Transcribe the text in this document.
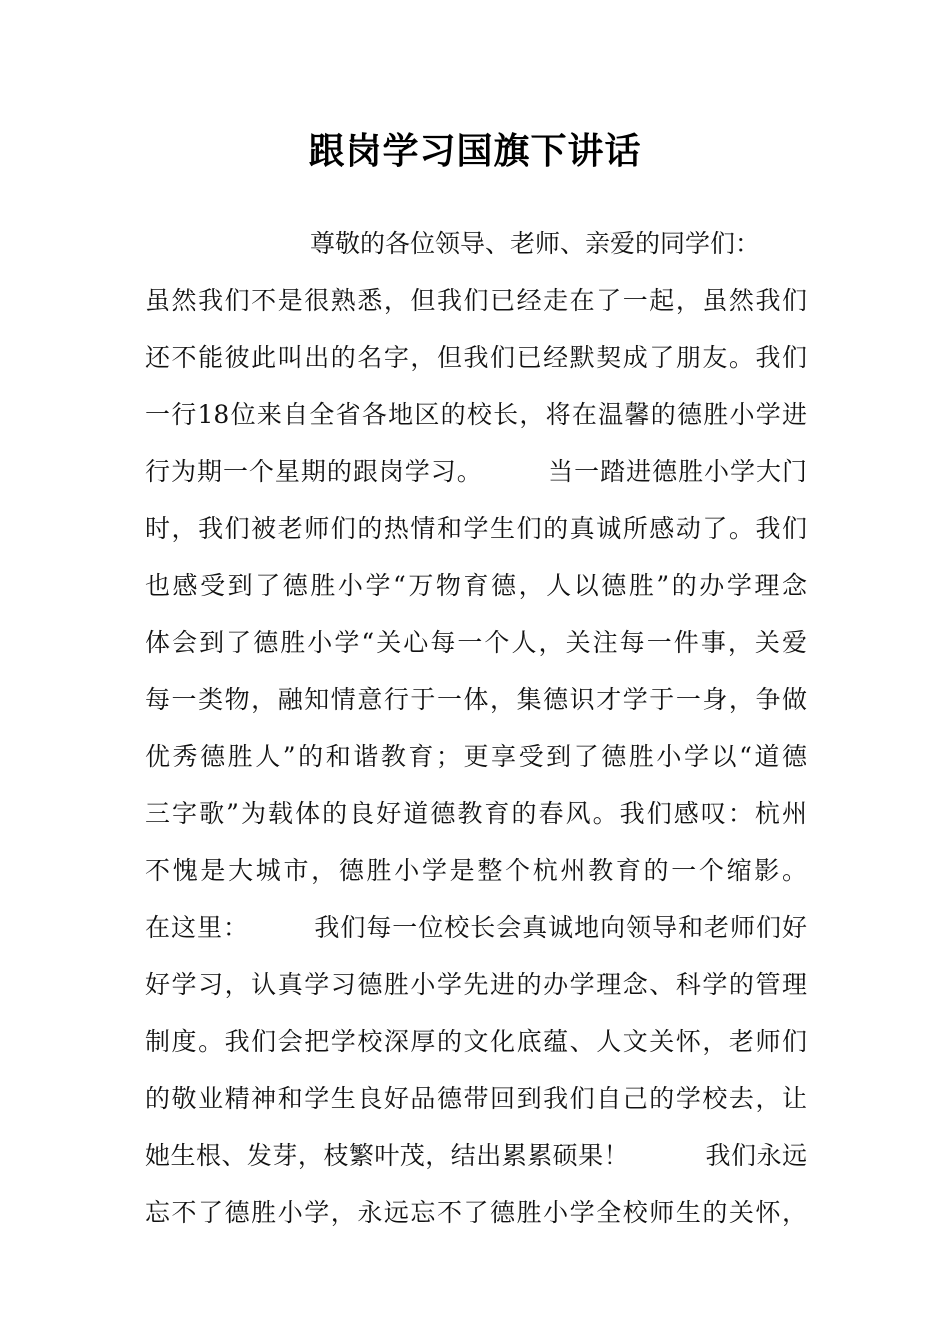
跟岗学习国旗下讲话
尊敬的各位领导、老师、亲爱的同学们：
虽然我们不是很熟悉，但我们已经走在了一起，虽然我们
还不能彼此叫出的名字，但我们已经默契成了朋友。我们
一行18位来自全省各地区的校长，将在温馨的德胜小学进
行为期一个星期的跟岗学习。　　　当一踏进德胜小学大门
时，我们被老师们的热情和学生们的真诚所感动了。我们
也感受到了德胜小学“万物育德，人以德胜”的办学理念
体会到了德胜小学“关心每一个人，关注每一件事，关爱
每一类物，融知情意行于一体，集德识才学于一身，争做
优秀德胜人”的和谐教育；更享受到了德胜小学以“道德
三字歌”为载体的良好道德教育的春风。我们感叹：杭州
不愧是大城市，德胜小学是整个杭州教育的一个缩影。
在这里：　　　我们每一位校长会真诚地向领导和老师们好
好学习，认真学习德胜小学先进的办学理念、科学的管理
制度。我们会把学校深厚的文化底蕴、人文关怀，老师们
的敬业精神和学生良好品德带回到我们自己的学校去，让
她生根、发芽，枝繁叶茂，结出累累硕果！　　　我们永远
忘不了德胜小学，永远忘不了德胜小学全校师生的关怀，
